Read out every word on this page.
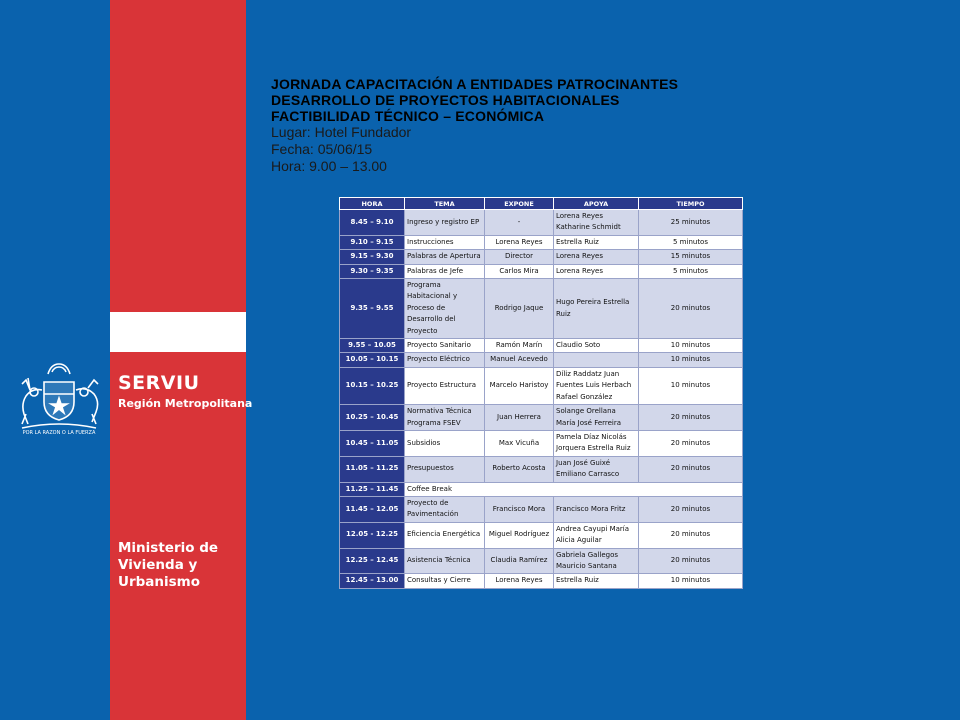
POR LA RAZON O LA FUERZA
SERVIU
Región Metropolitana
Ministerio de
Vivienda y
Urbanismo
JORNADA CAPACITACIÓN A ENTIDADES PATROCINANTES
DESARROLLO DE PROYECTOS HABITACIONALES
FACTIBILIDAD TÉCNICO – ECONÓMICA
Lugar: Hotel Fundador
Fecha: 05/06/15
Hora: 9.00 – 13.00
HORA	TEMA	EXPONE	APOYA	TIEMPO
8.45 – 9.10	Ingreso y registro EP	-	Lorena Reyes Katharine Schmidt	25 minutos
9.10 – 9.15	Instrucciones	Lorena Reyes	Estrella Ruiz	5 minutos
9.15 – 9.30	Palabras de Apertura	Director	Lorena Reyes	15 minutos
9.30 – 9.35	Palabras de Jefe	Carlos Mira	Lorena Reyes	5 minutos
9.35 – 9.55	Programa Habitacional y Proceso de Desarrollo del Proyecto	Rodrigo Jaque	Hugo Pereira Estrella Ruiz	20 minutos
9.55 – 10.05	Proyecto Sanitario	Ramón Marín	Claudio Soto	10 minutos
10.05 – 10.15	Proyecto Eléctrico	Manuel Acevedo		10 minutos
10.15 – 10.25	Proyecto Estructura	Marcelo Haristoy	Díliz Raddatz Juan Fuentes Luis Herbach Rafael González	10 minutos
10.25 – 10.45	Normativa Técnica Programa FSEV	Juan Herrera	Solange Orellana María José Ferreira	20 minutos
10.45 – 11.05	Subsidios	Max Vicuña	Pamela Díaz Nicolás Jorquera Estrella Ruiz	20 minutos
11.05 – 11.25	Presupuestos	Roberto Acosta	Juan José Guixé Emiliano Carrasco	20 minutos
11.25 – 11.45	Coffee Break			
11.45 – 12.05	Proyecto de Pavimentación	Francisco Mora	Francisco Mora Fritz	20 minutos
12.05 - 12.25	Eficiencia Energética	Miguel Rodríguez	Andrea Cayupi María Alicia Aguilar	20 minutos
12.25 – 12.45	Asistencia Técnica	Claudia Ramírez	Gabriela Gallegos Mauricio Santana	20 minutos
12.45 – 13.00	Consultas y Cierre	Lorena Reyes	Estrella Ruiz	10 minutos
